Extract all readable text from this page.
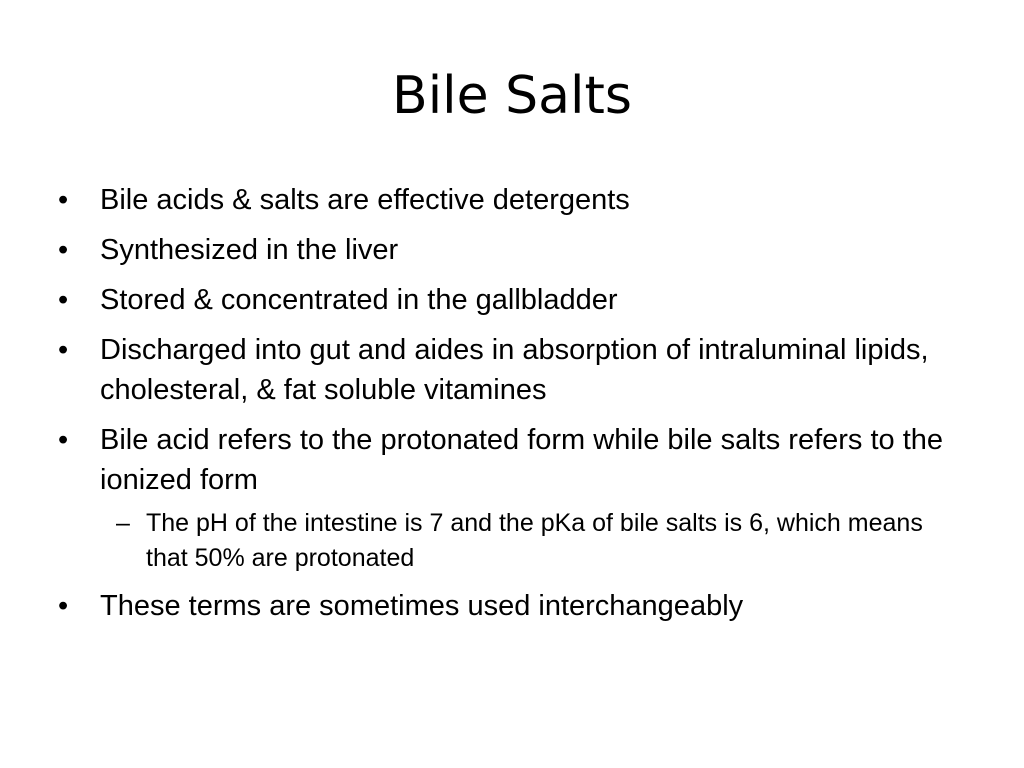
Bile Salts
•	Bile acids & salts are effective detergents
•	Synthesized in the liver
•	Stored & concentrated in the gallbladder
•	Discharged into gut and aides in absorption of intraluminal lipids, cholesteral, & fat soluble vitamines
•	Bile acid refers to the protonated form while bile salts refers to the ionized form
– The pH of the intestine is 7 and the pKa of bile salts is 6, which means that 50% are protonated
•	These terms are sometimes used interchangeably
